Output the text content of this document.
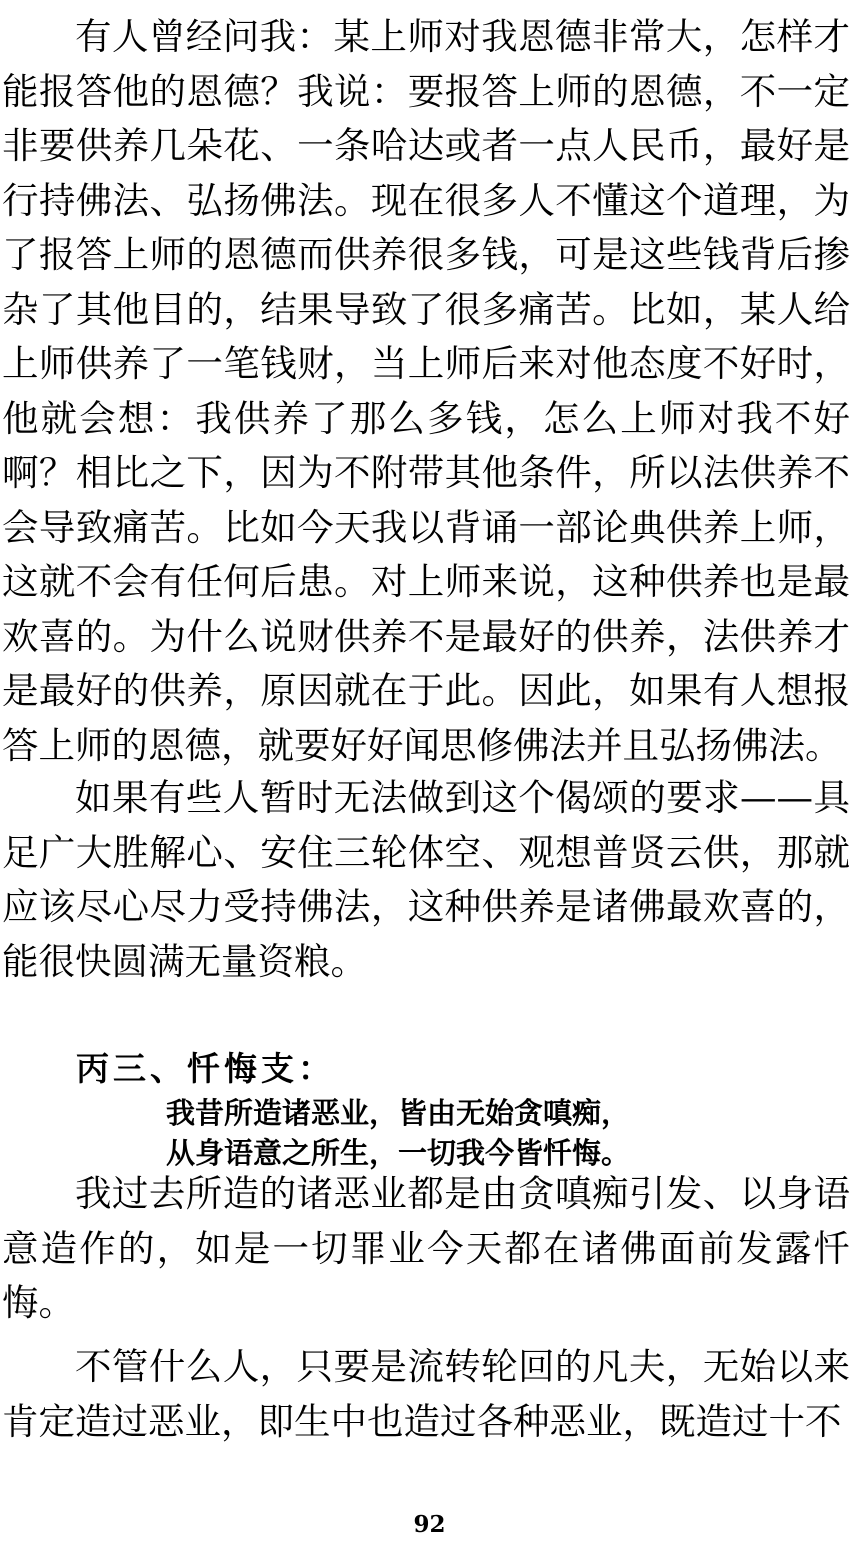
有人曾经问我：某上师对我恩德非常大，怎样才能报答他的恩德？我说：要报答上师的恩德，不一定非要供养几朵花、一条哈达或者一点人民币，最好是行持佛法、弘扬佛法。现在很多人不懂这个道理，为了报答上师的恩德而供养很多钱，可是这些钱背后掺杂了其他目的，结果导致了很多痛苦。比如，某人给上师供养了一笔钱财，当上师后来对他态度不好时，他就会想：我供养了那么多钱，怎么上师对我不好啊？相比之下，因为不附带其他条件，所以法供养不会导致痛苦。比如今天我以背诵一部论典供养上师，这就不会有任何后患。对上师来说，这种供养也是最欢喜的。为什么说财供养不是最好的供养，法供养才是最好的供养，原因就在于此。因此，如果有人想报答上师的恩德，就要好好闻思修佛法并且弘扬佛法。

如果有些人暂时无法做到这个偈颂的要求——具足广大胜解心、安住三轮体空、观想普贤云供，那就应该尽心尽力受持佛法，这种供养是诸佛最欢喜的，能很快圆满无量资粮。

丙三、忏悔支：

我昔所造诸恶业，皆由无始贪嗔痴，

从身语意之所生，一切我今皆忏悔。

我过去所造的诸恶业都是由贪嗔痴引发、以身语意造作的，如是一切罪业今天都在诸佛面前发露忏悔。

不管什么人，只要是流转轮回的凡夫，无始以来肯定造过恶业，即生中也造过各种恶业，既造过十不

92
